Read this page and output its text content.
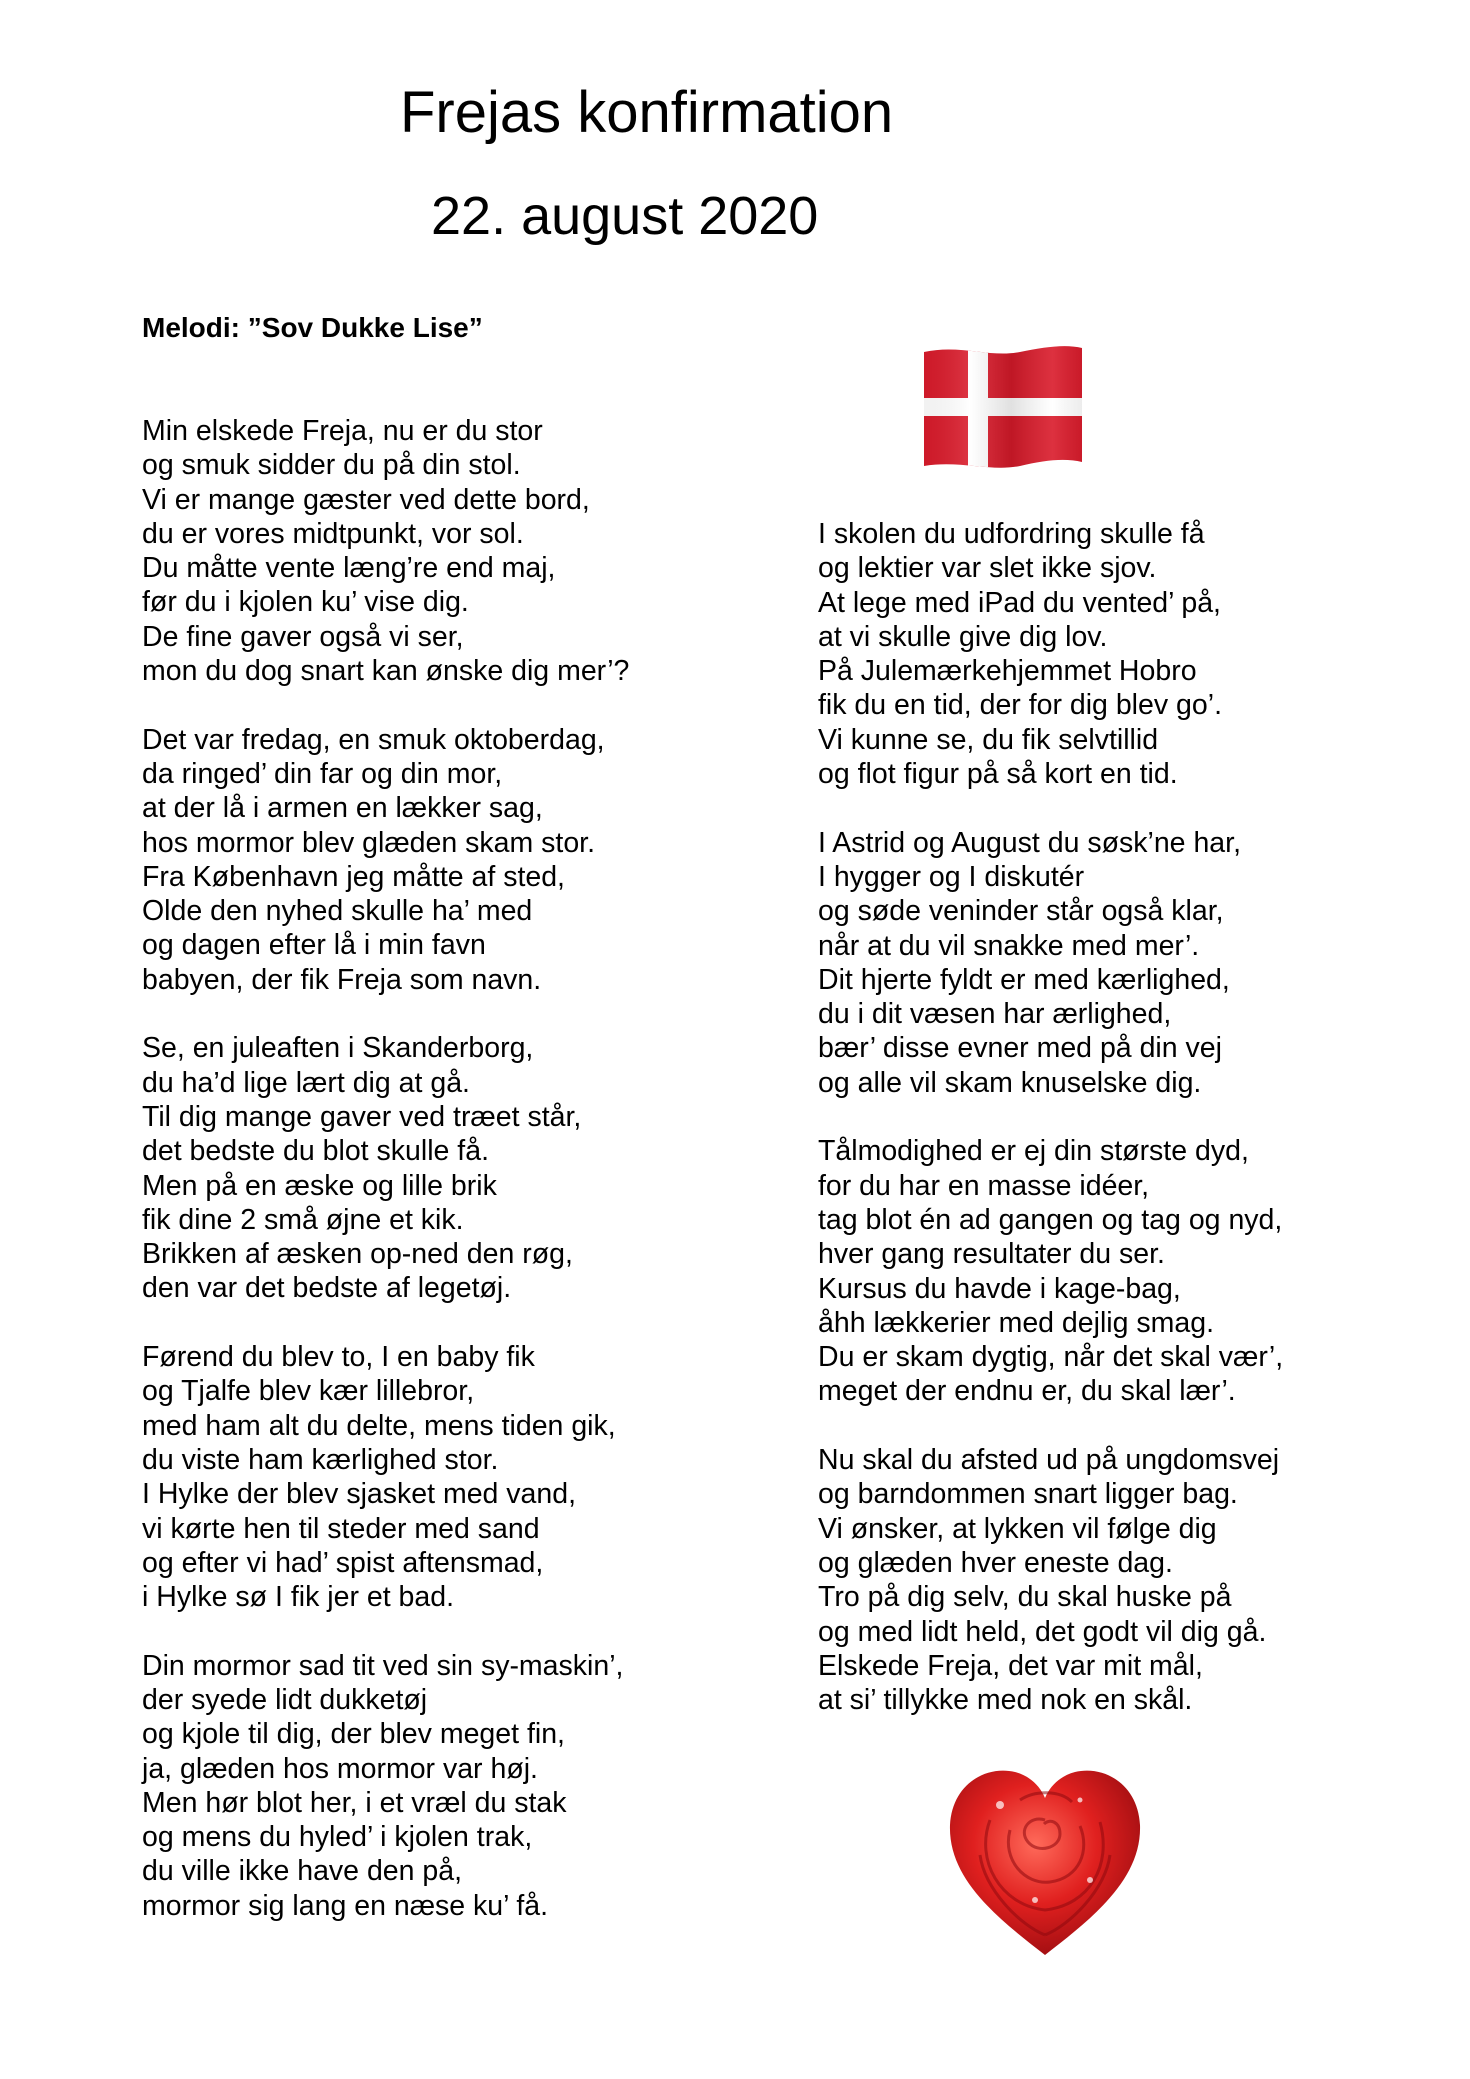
Frejas konfirmation
22. august 2020
Melodi: ”Sov Dukke Lise”
Min elskede Freja, nu er du stor
og smuk sidder du på din stol.
Vi er mange gæster ved dette bord,
du er vores midtpunkt, vor sol.
Du måtte vente læng’re end maj,
før du i kjolen ku’ vise dig.
De fine gaver også vi ser,
mon du dog snart kan ønske dig mer’?
Det var fredag, en smuk oktoberdag,
da ringed’ din far og din mor,
at der lå i armen en lækker sag,
hos mormor blev glæden skam stor.
Fra København jeg måtte af sted,
Olde den nyhed skulle ha’ med
og dagen efter lå i min favn
babyen, der fik Freja som navn.
Se, en juleaften i Skanderborg,
du ha’d lige lært dig at gå.
Til dig mange gaver ved træet står,
det bedste du blot skulle få.
Men på en æske og lille brik
fik dine 2 små øjne et kik.
Brikken af æsken op-ned den røg,
den var det bedste af legetøj.
Førend du blev to, I en baby fik
og Tjalfe blev kær lillebror,
med ham alt du delte, mens tiden gik,
du viste ham kærlighed stor.
I Hylke der blev sjasket med vand,
vi kørte hen til steder med sand
og efter vi had’ spist aftensmad,
i Hylke sø I fik jer et bad.
Din mormor sad tit ved sin sy-maskin’,
der syede lidt dukketøj
og kjole til dig, der blev meget fin,
ja, glæden hos mormor var høj.
Men hør blot her, i et vræl du stak
og mens du hyled’ i kjolen trak,
du ville ikke have den på,
mormor sig lang en næse ku’ få.
I skolen du udfordring skulle få
og lektier var slet ikke sjov.
At lege med iPad du vented’ på,
at vi skulle give dig lov.
På Julemærkehjemmet Hobro
fik du en tid, der for dig blev go’.
Vi kunne se, du fik selvtillid
og flot figur på så kort en tid.
I Astrid og August du søsk’ne har,
I hygger og I diskutér
og søde veninder står også klar,
når at du vil snakke med mer’.
Dit hjerte fyldt er med kærlighed,
du i dit væsen har ærlighed,
bær’ disse evner med på din vej
og alle vil skam knuselske dig.
Tålmodighed er ej din største dyd,
for du har en masse idéer,
tag blot én ad gangen og tag og nyd,
hver gang resultater du ser.
Kursus du havde i kage-bag,
åhh lækkerier med dejlig smag.
Du er skam dygtig, når det skal vær’,
meget der endnu er, du skal lær’.
Nu skal du afsted ud på ungdomsvej
og barndommen snart ligger bag.
Vi ønsker, at lykken vil følge dig
og glæden hver eneste dag.
Tro på dig selv, du skal huske på
og med lidt held, det godt vil dig gå.
Elskede Freja, det var mit mål,
at si’ tillykke med nok en skål.
